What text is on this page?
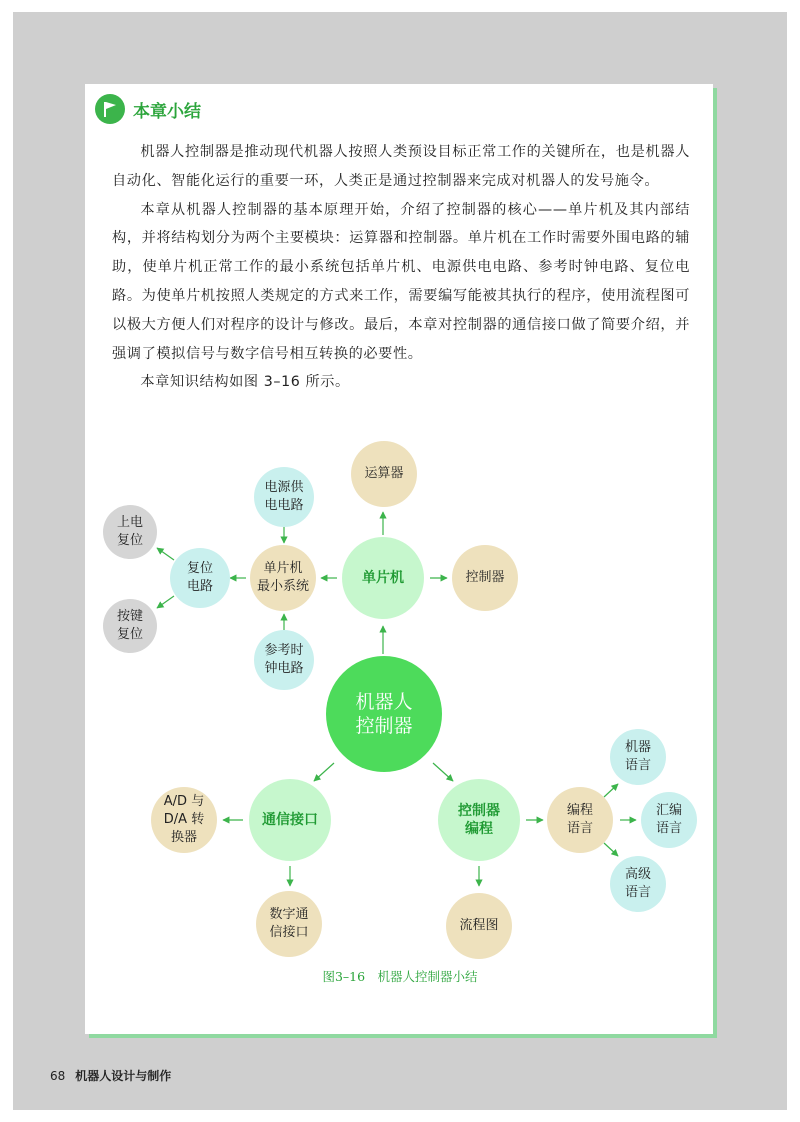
本章小结

机器人控制器是推动现代机器人按照人类预设目标正常工作的关键所在，也是机器人自动化、智能化运行的重要一环，人类正是通过控制器来完成对机器人的发号施令。

本章从机器人控制器的基本原理开始，介绍了控制器的核心——单片机及其内部结构，并将结构划分为两个主要模块：运算器和控制器。单片机在工作时需要外围电路的辅助，使单片机正常工作的最小系统包括单片机、电源供电电路、参考时钟电路、复位电路。为使单片机按照人类规定的方式来工作，需要编写能被其执行的程序，使用流程图可以极大方便人们对程序的设计与修改。最后，本章对控制器的通信接口做了简要介绍，并强调了模拟信号与数字信号相互转换的必要性。

本章知识结构如图 3–16 所示。

机器人
控制器
单片机
运算器
控制器
单片机
最小系统
电源供
电电路
参考时
钟电路
复位
电路
上电
复位
按键
复位
通信接口
A/D 与
D/A 转
换器
数字通
信接口
控制器
编程
流程图
编程
语言
机器
语言
汇编
语言
高级
语言
图3–16　机器人控制器小结
68 机器人设计与制作
